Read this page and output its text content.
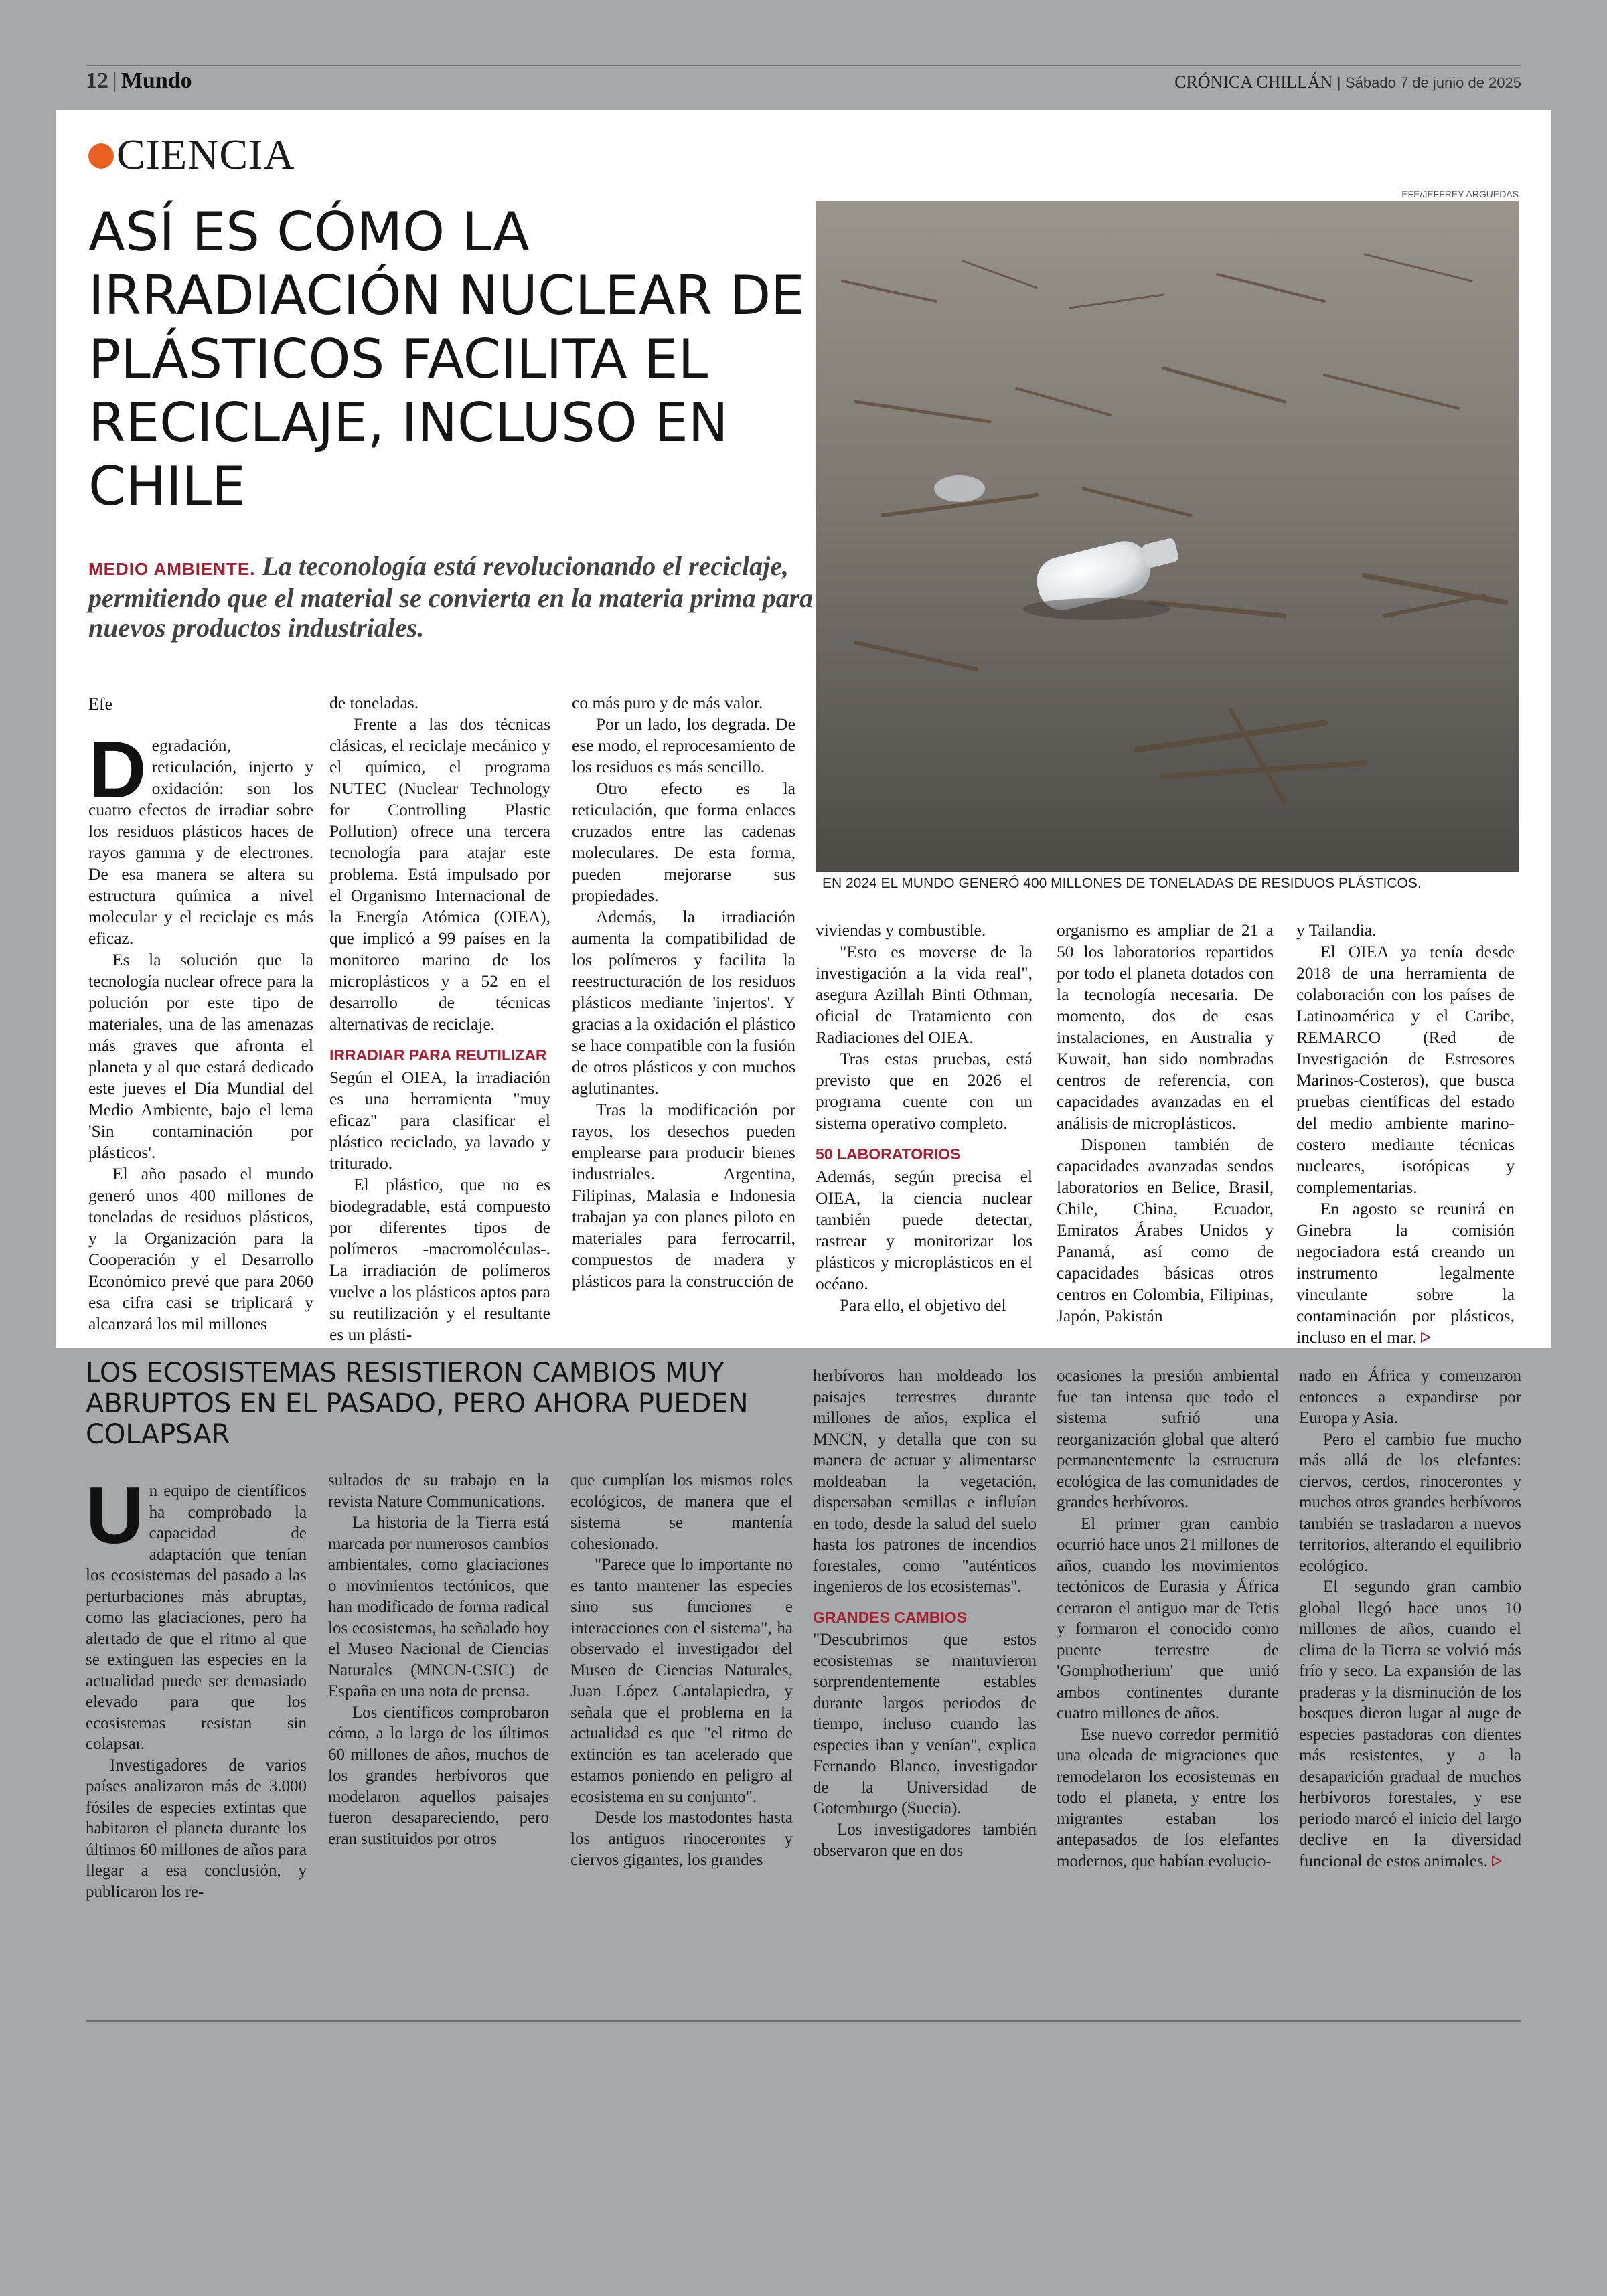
12 | Mundo	CRÓNICA CHILLÁN | Sábado 7 de junio de 2025
CIENCIA
ASÍ ES CÓMO LA IRRADIACIÓN NUCLEAR DE PLÁSTICOS FACILITA EL RECICLAJE, INCLUSO EN CHILE
MEDIO AMBIENTE. La teconología está revolucionando el reciclaje, permitiendo que el material se convierta en la materia prima para nuevos productos industriales.
EFE/JEFFREY ARGUEDAS
EN 2024 EL MUNDO GENERÓ 400 MILLONES DE TONELADAS DE RESIDUOS PLÁSTICOS.
Efe

Degradación, reticulación, injerto y oxidación: son los cuatro efectos de irradiar sobre los residuos plásticos haces de rayos gamma y de electrones. De esa manera se altera su estructura química a nivel molecular y el reciclaje es más eficaz.

Es la solución que la tecnología nuclear ofrece para la polución por este tipo de materiales, una de las amenazas más graves que afronta el planeta y al que estará dedicado este jueves el Día Mundial del Medio Ambiente, bajo el lema 'Sin contaminación por plásticos'.

El año pasado el mundo generó unos 400 millones de toneladas de residuos plásticos, y la Organización para la Cooperación y el Desarrollo Económico prevé que para 2060 esa cifra casi se triplicará y alcanzará los mil millones

de toneladas.

Frente a las dos técnicas clásicas, el reciclaje mecánico y el químico, el programa NUTEC (Nuclear Technology for Controlling Plastic Pollution) ofrece una tercera tecnología para atajar este problema. Está impulsado por el Organismo Internacional de la Energía Atómica (OIEA), que implicó a 99 países en la monitoreo marino de los microplásticos y a 52 en el desarrollo de técnicas alternativas de reciclaje.

IRRADIAR PARA REUTILIZAR

Según el OIEA, la irradiación es una herramienta "muy eficaz" para clasificar el plástico reciclado, ya lavado y triturado.

El plástico, que no es biodegradable, está compuesto por diferentes tipos de polímeros -macromoléculas-. La irradiación de polímeros vuelve a los plásticos aptos para su reutilización y el resultante es un plásti-

co más puro y de más valor.

Por un lado, los degrada. De ese modo, el reprocesamiento de los residuos es más sencillo.

Otro efecto es la reticulación, que forma enlaces cruzados entre las cadenas moleculares. De esta forma, pueden mejorarse sus propiedades.

Además, la irradiación aumenta la compatibilidad de los polímeros y facilita la reestructuración de los residuos plásticos mediante 'injertos'. Y gracias a la oxidación el plástico se hace compatible con la fusión de otros plásticos y con muchos aglutinantes.

Tras la modificación por rayos, los desechos pueden emplearse para producir bienes industriales. Argentina, Filipinas, Malasia e Indonesia trabajan ya con planes piloto en materiales para ferrocarril, compuestos de madera y plásticos para la construcción de

viviendas y combustible.

"Esto es moverse de la investigación a la vida real", asegura Azillah Binti Othman, oficial de Tratamiento con Radiaciones del OIEA.

Tras estas pruebas, está previsto que en 2026 el programa cuente con un sistema operativo completo.

50 LABORATORIOS

Además, según precisa el OIEA, la ciencia nuclear también puede detectar, rastrear y monitorizar los plásticos y microplásticos en el océano.

Para ello, el objetivo del

organismo es ampliar de 21 a 50 los laboratorios repartidos por todo el planeta dotados con la tecnología necesaria. De momento, dos de esas instalaciones, en Australia y Kuwait, han sido nombradas centros de referencia, con capacidades avanzadas en el análisis de microplásticos.

Disponen también de capacidades avanzadas sendos laboratorios en Belice, Brasil, Chile, China, Ecuador, Emiratos Árabes Unidos y Panamá, así como de capacidades básicas otros centros en Colombia, Filipinas, Japón, Pakistán

y Tailandia.

El OIEA ya tenía desde 2018 de una herramienta de colaboración con los países de Latinoamérica y el Caribe, REMARCO (Red de Investigación de Estresores Marinos-Costeros), que busca pruebas científicas del estado del medio ambiente marino-costero mediante técnicas nucleares, isotópicas y complementarias.

En agosto se reunirá en Ginebra la comisión negociadora está creando un instrumento legalmente vinculante sobre la contaminación por plásticos, incluso en el mar. ᐅ

LOS ECOSISTEMAS RESISTIERON CAMBIOS MUY ABRUPTOS EN EL PASADO, PERO AHORA PUEDEN COLAPSAR

Un equipo de científicos ha comprobado la capacidad de adaptación que tenían los ecosistemas del pasado a las perturbaciones más abruptas, como las glaciaciones, pero ha alertado de que el ritmo al que se extinguen las especies en la actualidad puede ser demasiado elevado para que los ecosistemas resistan sin colapsar.

Investigadores de varios países analizaron más de 3.000 fósiles de especies extintas que habitaron el planeta durante los últimos 60 millones de años para llegar a esa conclusión, y publicaron los re-

sultados de su trabajo en la revista Nature Communications.

La historia de la Tierra está marcada por numerosos cambios ambientales, como glaciaciones o movimientos tectónicos, que han modificado de forma radical los ecosistemas, ha señalado hoy el Museo Nacional de Ciencias Naturales (MNCN-CSIC) de España en una nota de prensa.

Los científicos comprobaron cómo, a lo largo de los últimos 60 millones de años, muchos de los grandes herbívoros que modelaron aquellos paisajes fueron desapareciendo, pero eran sustituidos por otros

que cumplían los mismos roles ecológicos, de manera que el sistema se mantenía cohesionado.

"Parece que lo importante no es tanto mantener las especies sino sus funciones e interacciones con el sistema", ha observado el investigador del Museo de Ciencias Naturales, Juan López Cantalapiedra, y señala que el problema en la actualidad es que "el ritmo de extinción es tan acelerado que estamos poniendo en peligro al ecosistema en su conjunto".

Desde los mastodontes hasta los antiguos rinocerontes y ciervos gigantes, los grandes

herbívoros han moldeado los paisajes terrestres durante millones de años, explica el MNCN, y detalla que con su manera de actuar y alimentarse moldeaban la vegetación, dispersaban semillas e influían en todo, desde la salud del suelo hasta los patrones de incendios forestales, como "auténticos ingenieros de los ecosistemas".

GRANDES CAMBIOS

"Descubrimos que estos ecosistemas se mantuvieron sorprendentemente estables durante largos periodos de tiempo, incluso cuando las especies iban y venían", explica Fernando Blanco, investigador de la Universidad de Gotemburgo (Suecia).

Los investigadores también observaron que en dos

ocasiones la presión ambiental fue tan intensa que todo el sistema sufrió una reorganización global que alteró permanentemente la estructura ecológica de las comunidades de grandes herbívoros.

El primer gran cambio ocurrió hace unos 21 millones de años, cuando los movimientos tectónicos de Eurasia y África cerraron el antiguo mar de Tetis y formaron el conocido como puente terrestre de 'Gomphotherium' que unió ambos continentes durante cuatro millones de años.

Ese nuevo corredor permitió una oleada de migraciones que remodelaron los ecosistemas en todo el planeta, y entre los migrantes estaban los antepasados de los elefantes modernos, que habían evolucio-

nado en África y comenzaron entonces a expandirse por Europa y Asia.

Pero el cambio fue mucho más allá de los elefantes: ciervos, cerdos, rinocerontes y muchos otros grandes herbívoros también se trasladaron a nuevos territorios, alterando el equilibrio ecológico.

El segundo gran cambio global llegó hace unos 10 millones de años, cuando el clima de la Tierra se volvió más frío y seco. La expansión de las praderas y la disminución de los bosques dieron lugar al auge de especies pastadoras con dientes más resistentes, y a la desaparición gradual de muchos herbívoros forestales, y ese periodo marcó el inicio del largo declive en la diversidad funcional de estos animales. ᐅ
